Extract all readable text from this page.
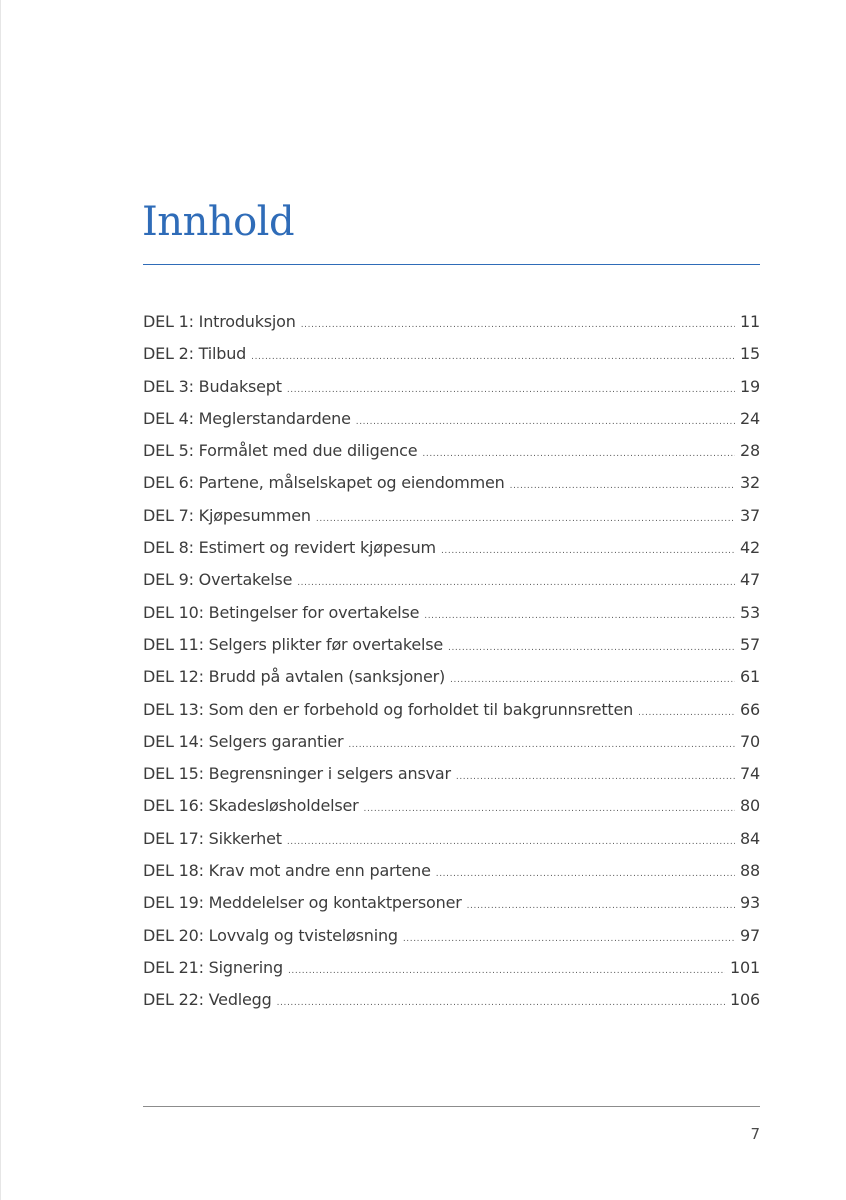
Innhold
DEL 1: Introduksjon .....	11
DEL 2: Tilbud .....	15
DEL 3: Budaksept .....	19
DEL 4: Meglerstandardene .....	24
DEL 5: Formålet med due diligence .....	28
DEL 6: Partene, målselskapet og eiendommen .....	32
DEL 7: Kjøpesummen .....	37
DEL 8: Estimert og revidert kjøpesum .....	42
DEL 9: Overtakelse .....	47
DEL 10: Betingelser for overtakelse .....	53
DEL 11: Selgers plikter før overtakelse .....	57
DEL 12: Brudd på avtalen (sanksjoner) .....	61
DEL 13: Som den er forbehold og forholdet til bakgrunnsretten .....	66
DEL 14: Selgers garantier .....	70
DEL 15: Begrensninger i selgers ansvar .....	74
DEL 16: Skadesløsholdelser .....	80
DEL 17: Sikkerhet .....	84
DEL 18: Krav mot andre enn partene .....	88
DEL 19: Meddelelser og kontaktpersoner .....	93
DEL 20: Lovvalg og tvisteløsning .....	97
DEL 21: Signering .....	101
DEL 22: Vedlegg .....	106
7
